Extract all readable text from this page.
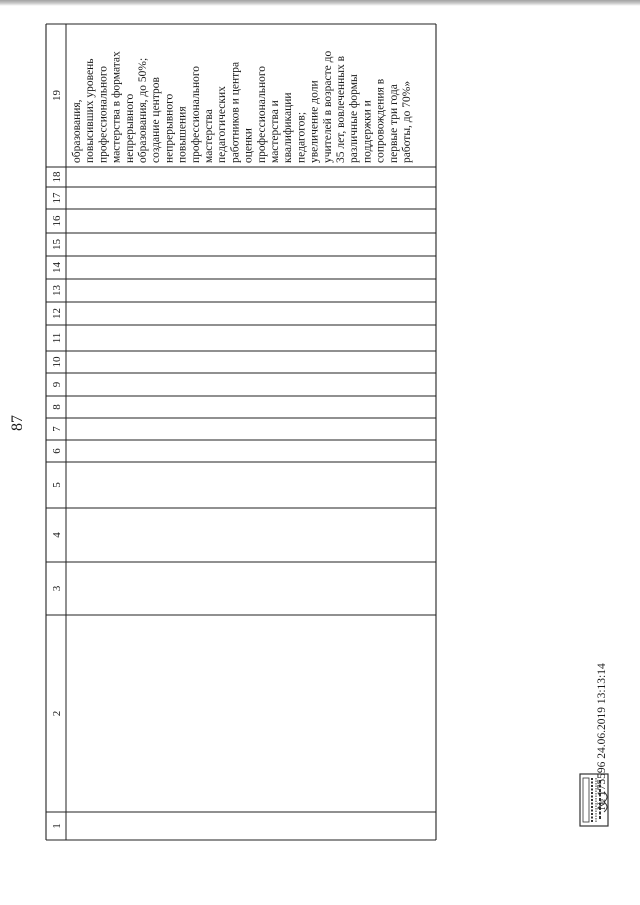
87
1
2
3
4
5
6
7
8
9
10
11
12
13
14
15
16
17
18
19
образования, повысивших уровень профессионального мастерства в форматах непрерывного образования, до 50%; создание центров непрерывного повышения профессионального мастерства педагогических работников и центра оценки профессионального мастерства и квалификации педагогов; увеличение доли учителей в возрасте до 35 лет, вовлеченных в различные формы поддержки и сопровождения в первые три года работы, до 70%»
№ 175596 24.06.2019 13:13:14
